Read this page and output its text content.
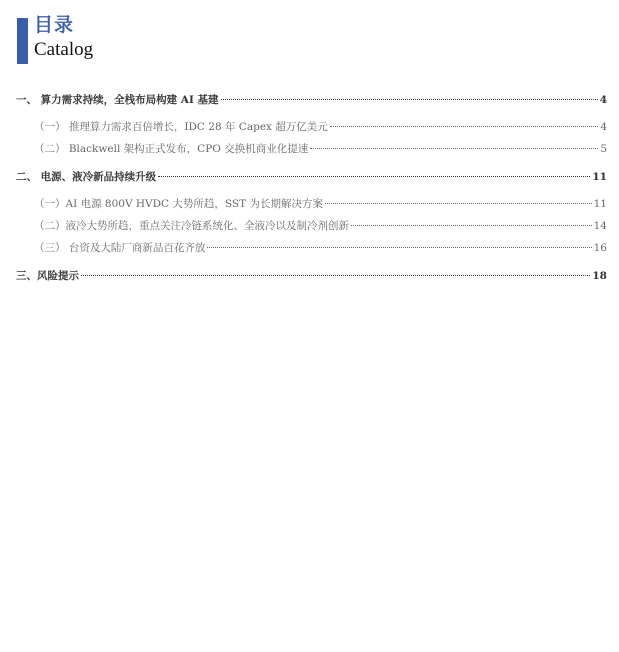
目录
Catalog
一、 算力需求持续，全栈布局构建 AI 基建	4
（一） 推理算力需求百倍增长，IDC 28 年 Capex 超万亿美元	4
（二） Blackwell 架构正式发布，CPO 交换机商业化提速	5
二、 电源、液冷新品持续升级	11
（一）AI 电源 800V HVDC 大势所趋，SST 为长期解决方案	11
（二）液冷大势所趋，重点关注冷链系统化、全液冷以及制冷剂创新	14
（三） 台资及大陆厂商新品百花齐放	16
三、风险提示	18
